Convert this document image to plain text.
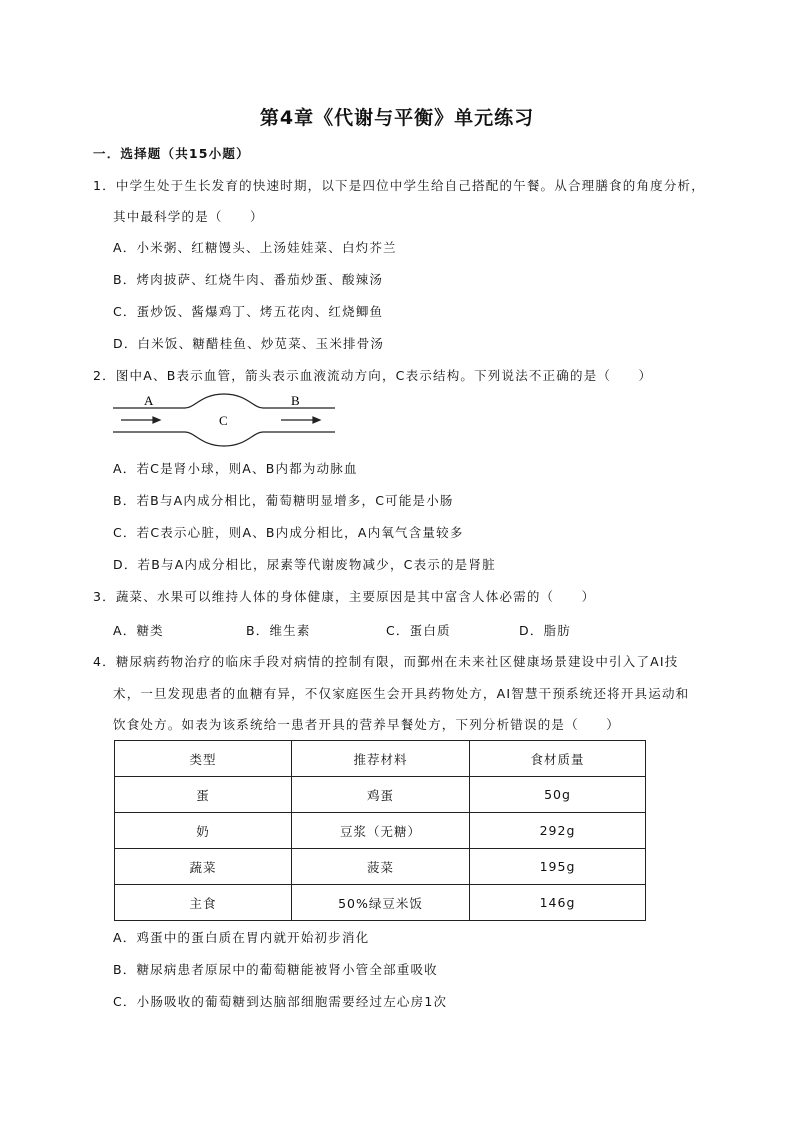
第4章《代谢与平衡》单元练习
一．选择题（共15小题）
1．中学生处于生长发育的快速时期，以下是四位中学生给自己搭配的午餐。从合理膳食的角度分析，
其中最科学的是（　　）
A．小米粥、红糖馒头、上汤娃娃菜、白灼芥兰
B．烤肉披萨、红烧牛肉、番茄炒蛋、酸辣汤
C．蛋炒饭、酱爆鸡丁、烤五花肉、红烧鲫鱼
D．白米饭、糖醋桂鱼、炒苋菜、玉米排骨汤
2．图中A、B表示血管，箭头表示血液流动方向，C表示结构。下列说法不正确的是（　　）
A	B
C
A．若C是肾小球，则A、B内都为动脉血
B．若B与A内成分相比，葡萄糖明显增多，C可能是小肠
C．若C表示心脏，则A、B内成分相比，A内氧气含量较多
D．若B与A内成分相比，尿素等代谢废物减少，C表示的是肾脏
3．蔬菜、水果可以维持人体的身体健康，主要原因是其中富含人体必需的（　　）
A．糖类	B．维生素	C．蛋白质	D．脂肪
4．糖尿病药物治疗的临床手段对病情的控制有限，而鄞州在未来社区健康场景建设中引入了AI技
术，一旦发现患者的血糖有异，不仅家庭医生会开具药物处方，AI智慧干预系统还将开具运动和
饮食处方。如表为该系统给一患者开具的营养早餐处方，下列分析错误的是（　　）
类型	推荐材料	食材质量
蛋	鸡蛋	50g
奶	豆浆（无糖）	292g
蔬菜	菠菜	195g
主食	50%绿豆米饭	146g
A．鸡蛋中的蛋白质在胃内就开始初步消化
B．糖尿病患者原尿中的葡萄糖能被肾小管全部重吸收
C．小肠吸收的葡萄糖到达脑部细胞需要经过左心房1次
